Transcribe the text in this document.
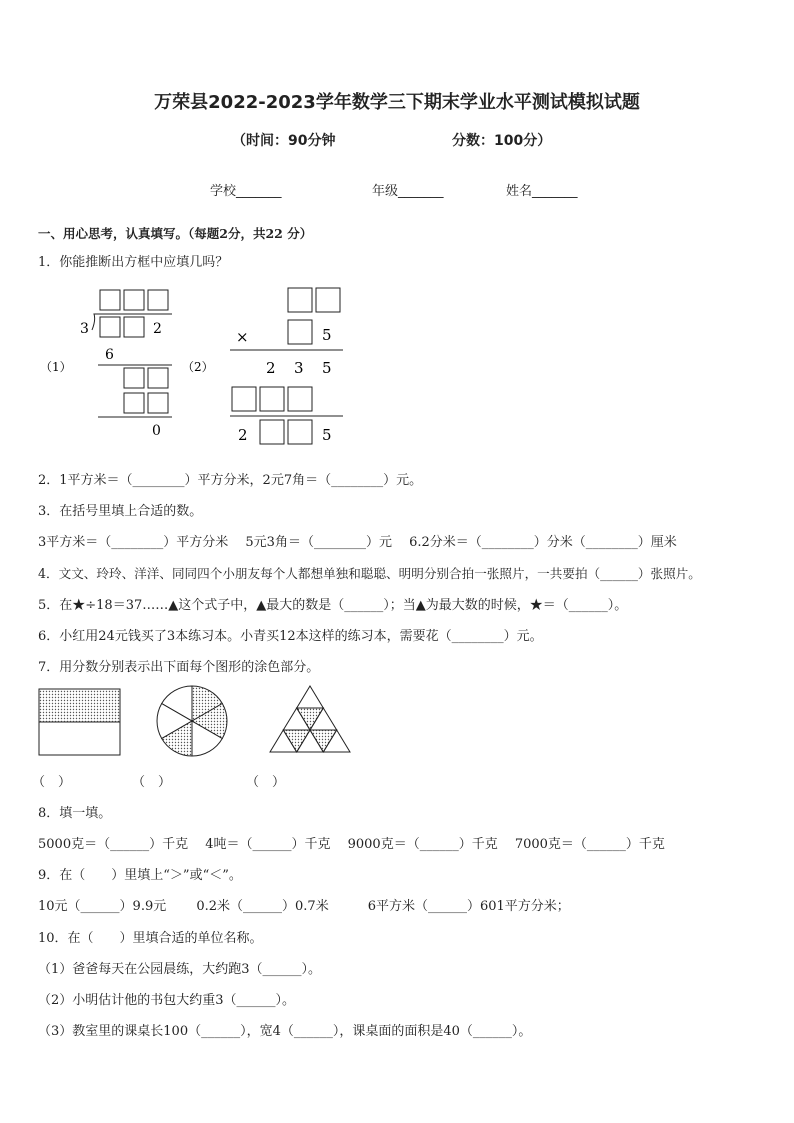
万荣县2022-2023学年数学三下期末学业水平测试模拟试题
（时间：90分钟	分数：100分）
学校_______	年级_______	姓名_______
一、用心思考，认真填写。（每题2分，共22 分）
1．你能推断出方框中应填几吗？
（1）
3	2
6
0
（2）
×	5
2 3 5
2	5
2．1平方米＝（________）平方分米，2元7角＝（________）元。
3．在括号里填上合适的数。
3平方米＝（________）平方分米　 5元3角＝（________）元　 6.2分米＝（________）分米（________）厘米
4．文文、玲玲、洋洋、同同四个小朋友每个人都想单独和聪聪、明明分别合拍一张照片，一共要拍（______）张照片。
5．在★÷18＝37……▲这个式子中，▲最大的数是（______）；当▲为最大数的时候，★＝（______）。
6．小红用24元钱买了3本练习本。小青买12本这样的练习本，需要花（________）元。
7．用分数分别表示出下面每个图形的涂色部分。
（　）	（　）	（　）
8．填一填。
5000克＝（______）千克　 4吨＝（______）千克　 9000克＝（______）千克　 7000克＝（______）千克
9．在（　　）里填上“＞”或“＜”。
10元（______）9.9元　　 0.2米（______）0.7米　　　6平方米（______）601平方分米；
10．在（　　）里填合适的单位名称。
（1）爸爸每天在公园晨练，大约跑3（______）。
（2）小明估计他的书包大约重3（______）。
（3）教室里的课桌长100（______），宽4（______），课桌面的面积是40（______）。
